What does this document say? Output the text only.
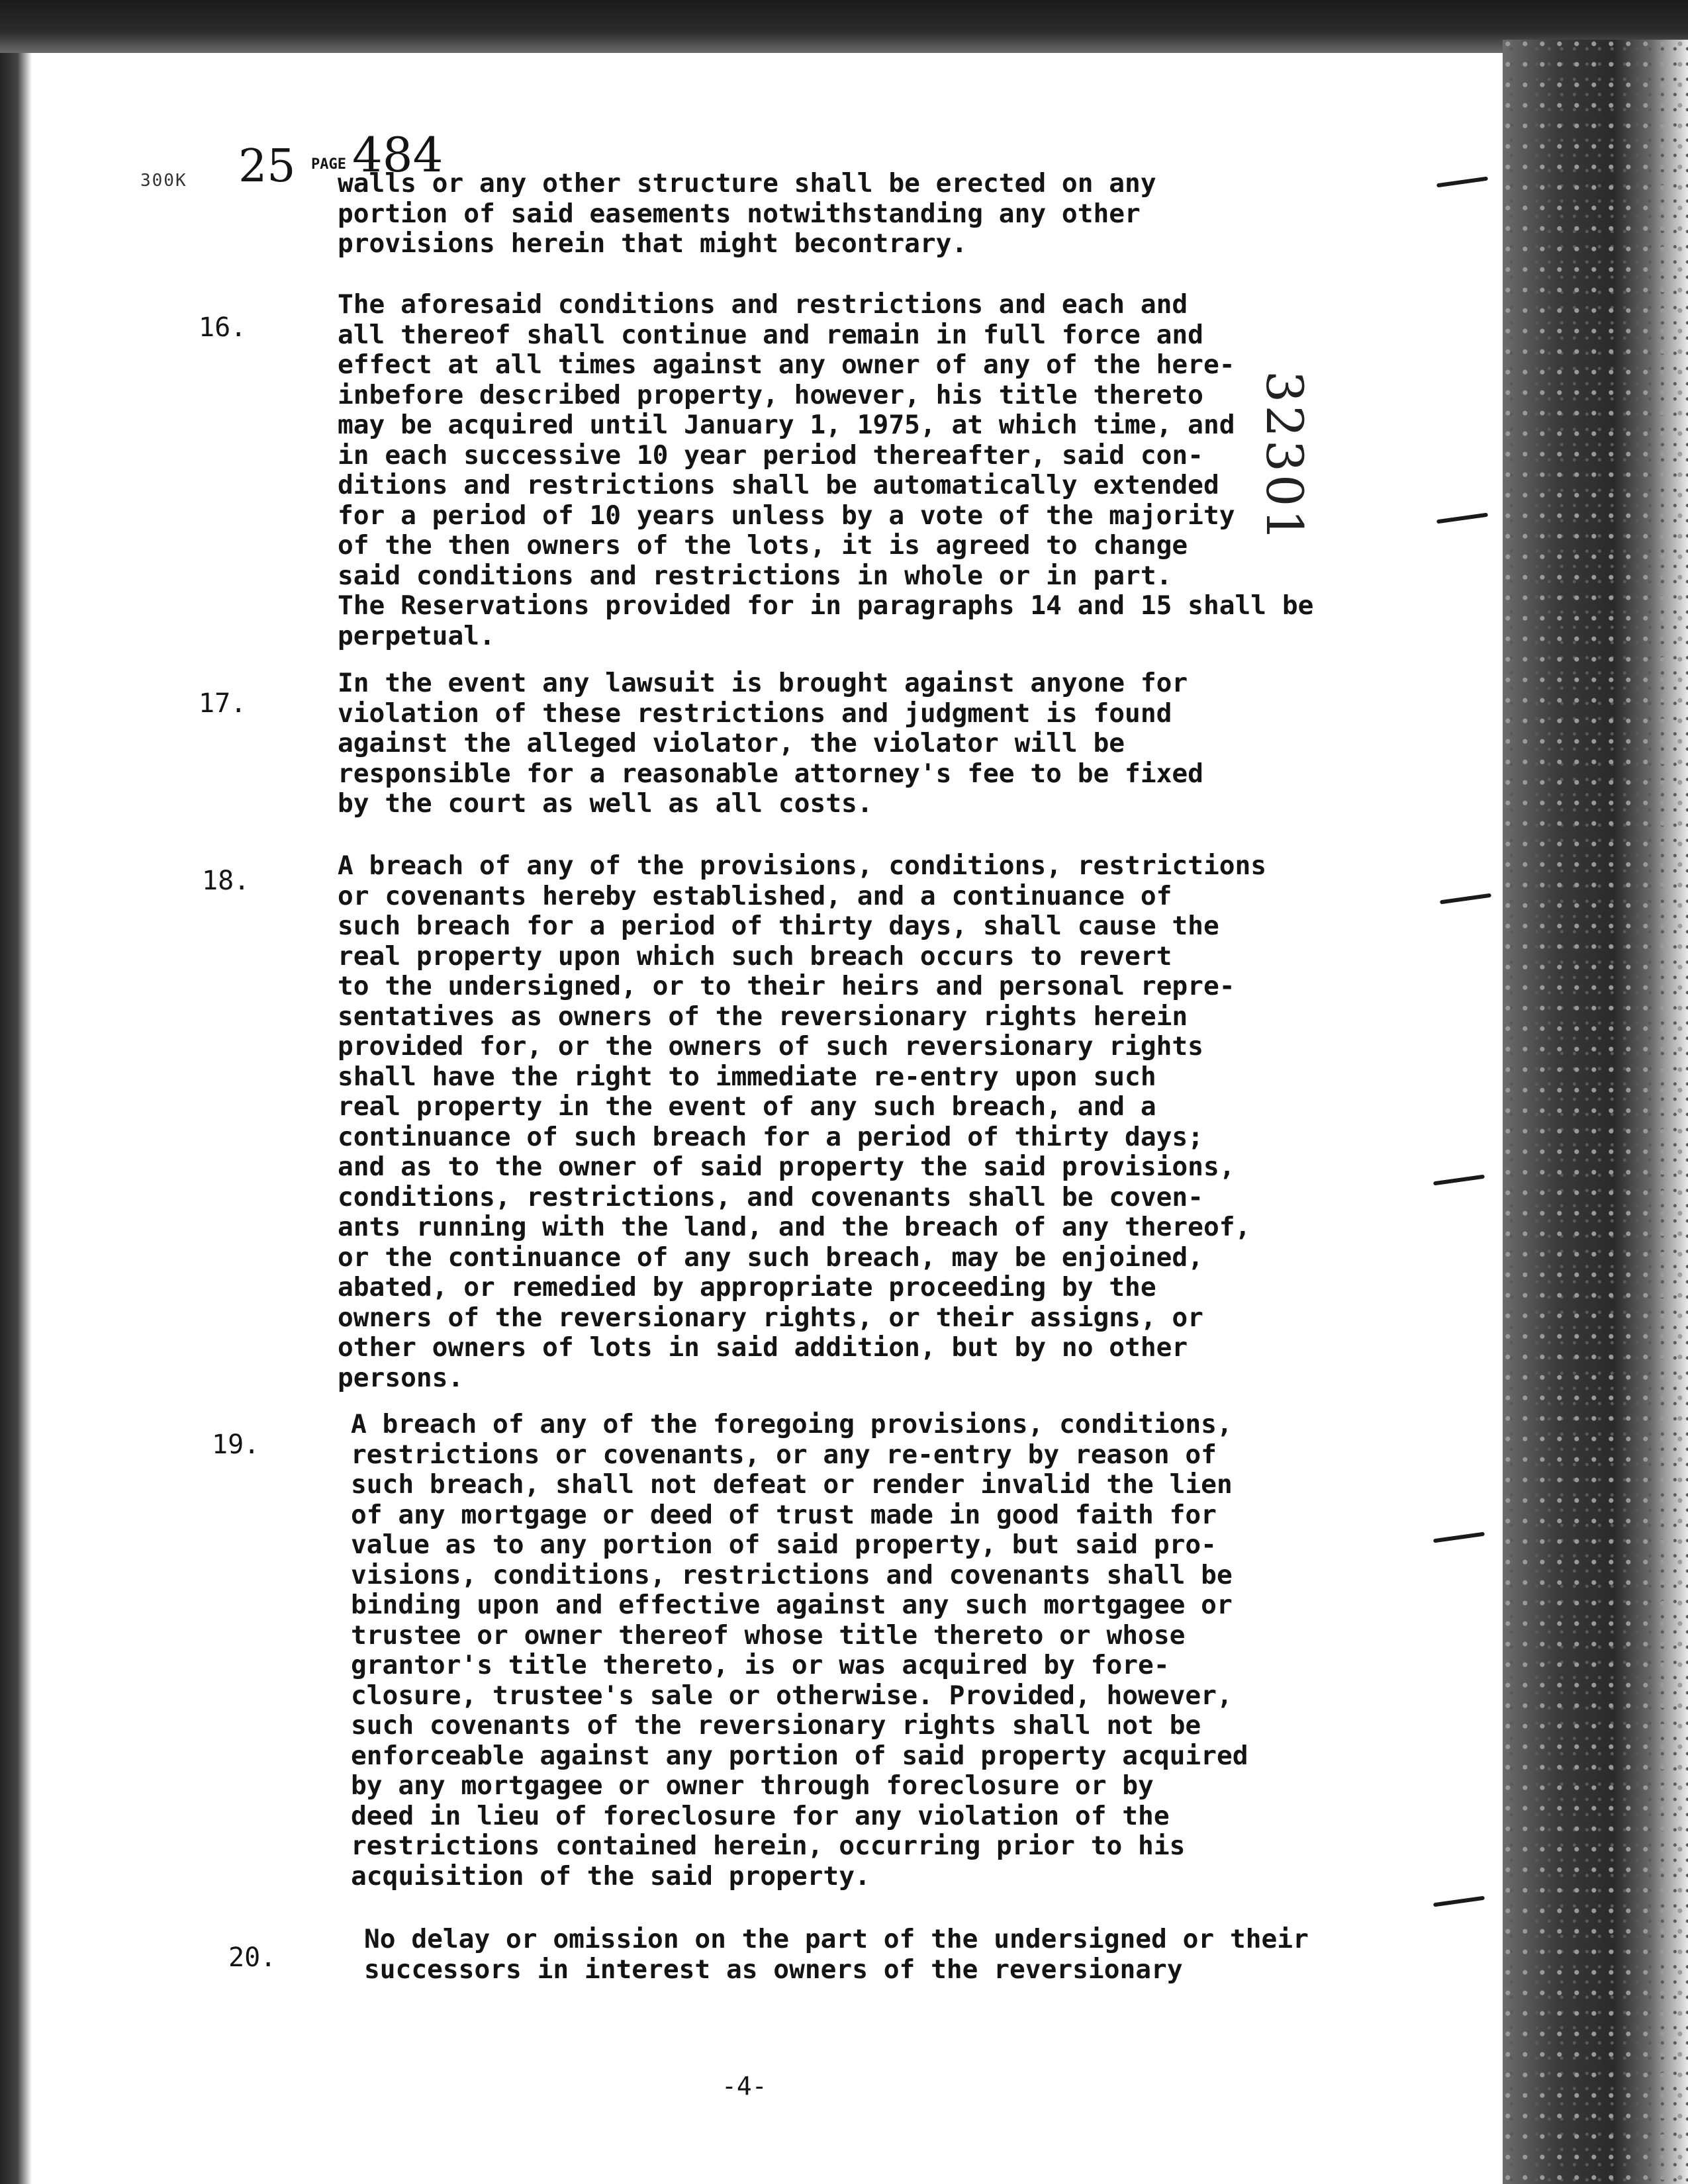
300K 25 PAGE 484
32301
walls or any other structure shall be erected on any
portion of said easements notwithstanding any other
provisions herein that might becontrary.
16.
The aforesaid conditions and restrictions and each and
all thereof shall continue and remain in full force and
effect at all times against any owner of any of the here-
inbefore described property, however, his title thereto
may be acquired until January 1, 1975, at which time, and
in each successive 10 year period thereafter, said con-
ditions and restrictions shall be automatically extended
for a period of 10 years unless by a vote of the majority
of the then owners of the lots, it is agreed to change
said conditions and restrictions in whole or in part.
The Reservations provided for in paragraphs 14 and 15 shall be
perpetual.
17.
In the event any lawsuit is brought against anyone for
violation of these restrictions and judgment is found
against the alleged violator, the violator will be
responsible for a reasonable attorney's fee to be fixed
by the court as well as all costs.
18.	A breach of any of the provisions, conditions, restrictions
or covenants hereby established, and a continuance of
such breach for a period of thirty days, shall cause the
real property upon which such breach occurs to revert
to the undersigned, or to their heirs and personal repre-
sentatives as owners of the reversionary rights herein
provided for, or the owners of such reversionary rights
shall have the right to immediate re-entry upon such
real property in the event of any such breach, and a
continuance of such breach for a period of thirty days;
and as to the owner of said property the said provisions,
conditions, restrictions, and covenants shall be coven-
ants running with the land, and the breach of any thereof,
or the continuance of any such breach, may be enjoined,
abated, or remedied by appropriate proceeding by the
owners of the reversionary rights, or their assigns, or
other owners of lots in said addition, but by no other
persons.
19.
A breach of any of the foregoing provisions, conditions,
restrictions or covenants, or any re-entry by reason of
such breach, shall not defeat or render invalid the lien
of any mortgage or deed of trust made in good faith for
value as to any portion of said property, but said pro-
visions, conditions, restrictions and covenants shall be
binding upon and effective against any such mortgagee or
trustee or owner thereof whose title thereto or whose
grantor's title thereto, is or was acquired by fore-
closure, trustee's sale or otherwise. Provided, however,
such covenants of the reversionary rights shall not be
enforceable against any portion of said property acquired
by any mortgagee or owner through foreclosure or by
deed in lieu of foreclosure for any violation of the
restrictions contained herein, occurring prior to his
acquisition of the said property.
20.
No delay or omission on the part of the undersigned or their
successors in interest as owners of the reversionary
-4-
